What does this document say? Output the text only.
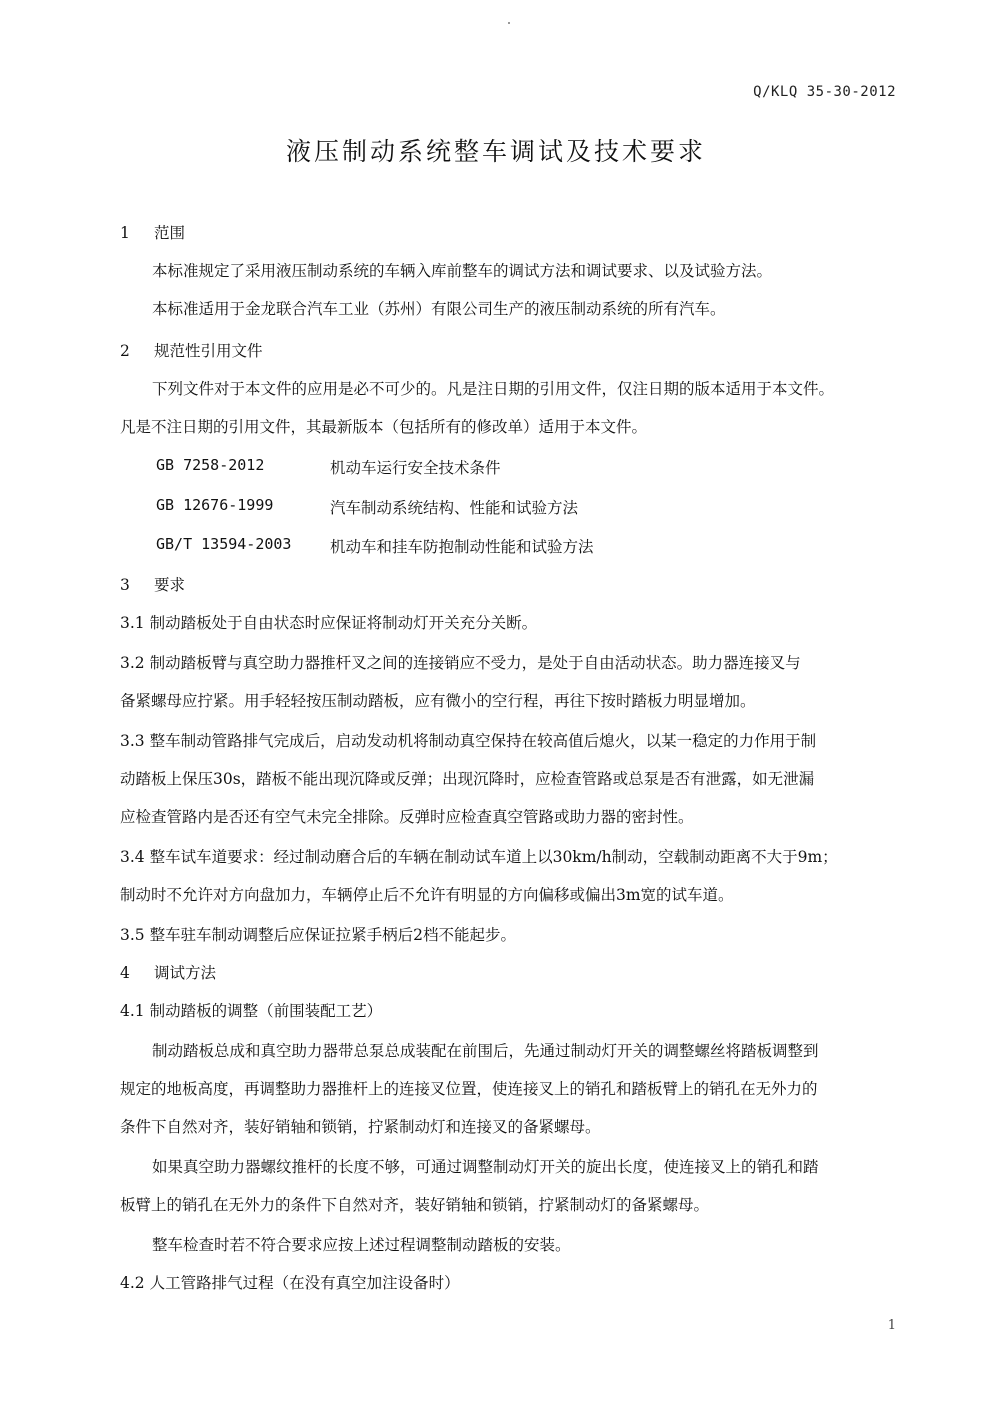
Q/KLQ 35-30-2012
液压制动系统整车调试及技术要求
1 范围
本标准规定了采用液压制动系统的车辆入库前整车的调试方法和调试要求、以及试验方法。
本标准适用于金龙联合汽车工业（苏州）有限公司生产的液压制动系统的所有汽车。
2 规范性引用文件
下列文件对于本文件的应用是必不可少的。凡是注日期的引用文件，仅注日期的版本适用于本文件。
凡是不注日期的引用文件，其最新版本（包括所有的修改单）适用于本文件。
GB 7258-2012	机动车运行安全技术条件
GB 12676-1999	汽车制动系统结构、性能和试验方法
GB/T 13594-2003 机动车和挂车防抱制动性能和试验方法
3 要求
3.1 制动踏板处于自由状态时应保证将制动灯开关充分关断。
3.2 制动踏板臂与真空助力器推杆叉之间的连接销应不受力，是处于自由活动状态。助力器连接叉与
备紧螺母应拧紧。用手轻轻按压制动踏板，应有微小的空行程，再往下按时踏板力明显增加。
3.3 整车制动管路排气完成后，启动发动机将制动真空保持在较高值后熄火，以某一稳定的力作用于制
动踏板上保压30s，踏板不能出现沉降或反弹；出现沉降时，应检查管路或总泵是否有泄露，如无泄漏
应检查管路内是否还有空气未完全排除。反弹时应检查真空管路或助力器的密封性。
3.4 整车试车道要求：经过制动磨合后的车辆在制动试车道上以30km/h制动，空载制动距离不大于9m；
制动时不允许对方向盘加力，车辆停止后不允许有明显的方向偏移或偏出3m宽的试车道。
3.5 整车驻车制动调整后应保证拉紧手柄后2档不能起步。
4 调试方法
4.1 制动踏板的调整（前围装配工艺）
制动踏板总成和真空助力器带总泵总成装配在前围后，先通过制动灯开关的调整螺丝将踏板调整到
规定的地板高度，再调整助力器推杆上的连接叉位置，使连接叉上的销孔和踏板臂上的销孔在无外力的
条件下自然对齐，装好销轴和锁销，拧紧制动灯和连接叉的备紧螺母。
如果真空助力器螺纹推杆的长度不够，可通过调整制动灯开关的旋出长度，使连接叉上的销孔和踏
板臂上的销孔在无外力的条件下自然对齐，装好销轴和锁销，拧紧制动灯的备紧螺母。
整车检查时若不符合要求应按上述过程调整制动踏板的安装。
4.2 人工管路排气过程（在没有真空加注设备时）
1
